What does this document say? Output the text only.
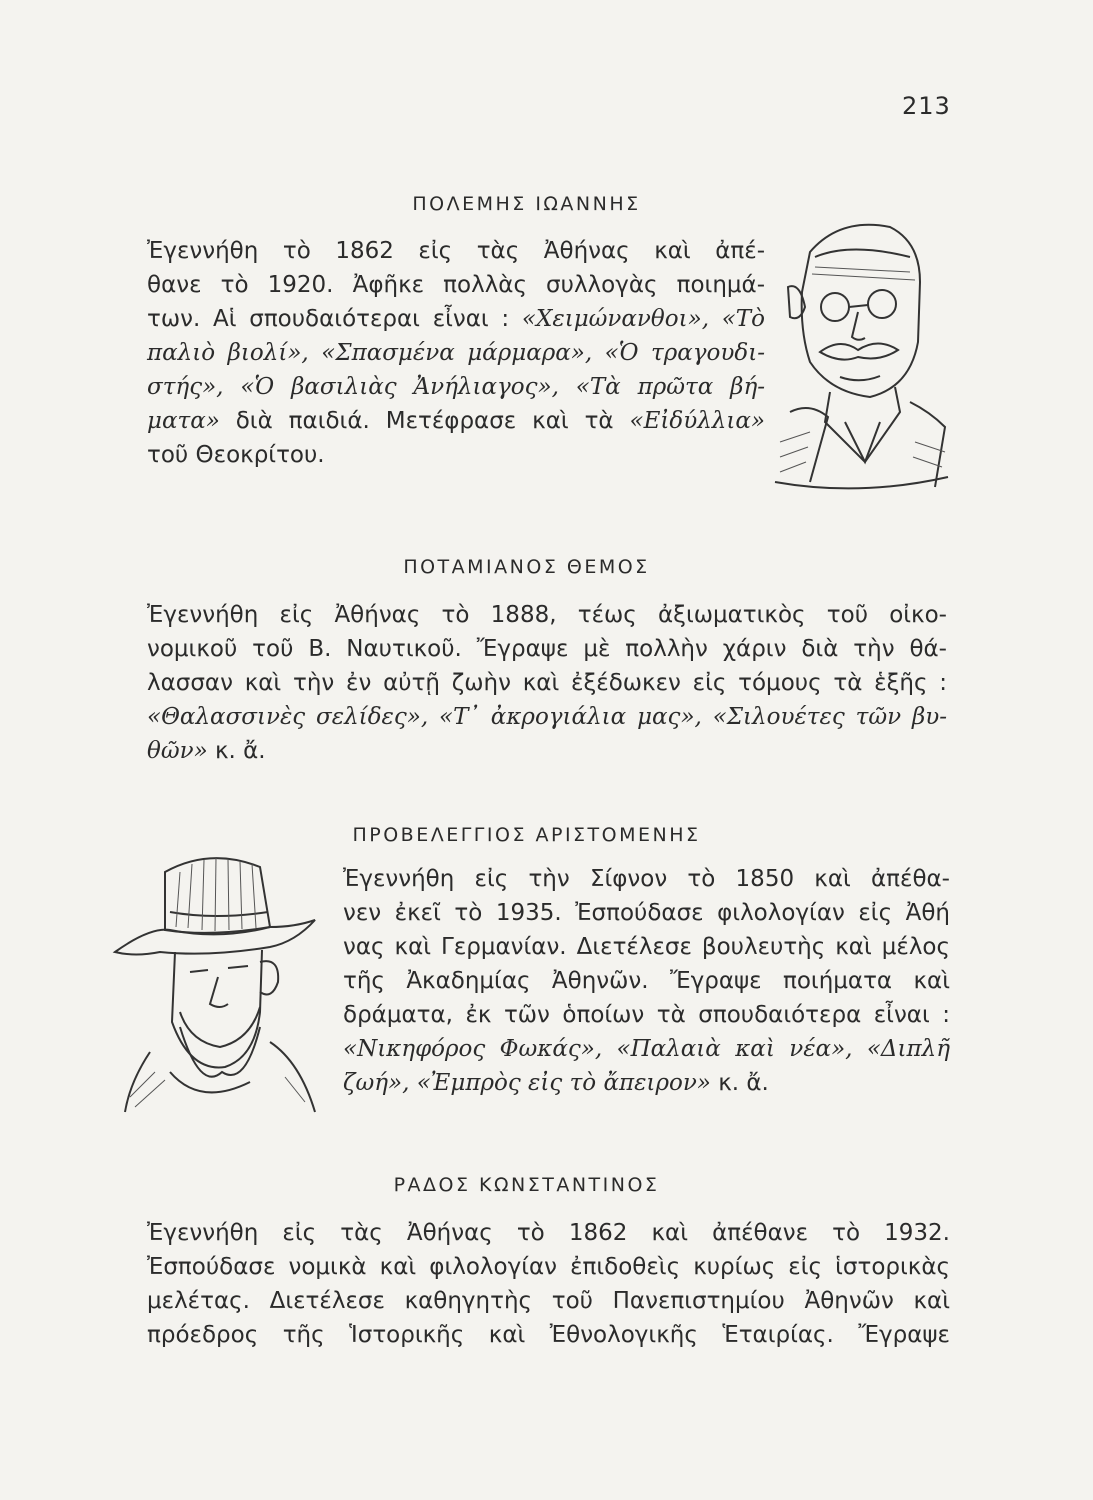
213
ΠΟΛΕΜΗΣ ΙΩΑΝΝΗΣ
Ἐγεννήθη τὸ 1862 εἰς τὰς Ἀθήνας καὶ ἀπέ-
θανε τὸ 1920. Ἀφῆκε πολλὰς συλλογὰς ποιημά-
των. Αἱ σπουδαιότεραι εἶναι : «Χειμώνανθοι», «Τὸ
παλιὸ βιολί», «Σπασμένα μάρμαρα», «Ὁ τραγουδι-
στής», «Ὁ βασιλιὰς Ἀνήλιαγος», «Τὰ πρῶτα βή-
ματα» διὰ παιδιά. Μετέφρασε καὶ τὰ «Εἰδύλλια»
τοῦ Θεοκρίτου.
ΠΟΤΑΜΙΑΝΟΣ ΘΕΜΟΣ
Ἐγεννήθη εἰς Ἀθήνας τὸ 1888, τέως ἀξιωματικὸς τοῦ οἰκο-
νομικοῦ τοῦ Β. Ναυτικοῦ. Ἔγραψε μὲ πολλὴν χάριν διὰ τὴν θά-
λασσαν καὶ τὴν ἐν αὐτῇ ζωὴν καὶ ἐξέδωκεν εἰς τόμους τὰ ἑξῆς :
«Θαλασσινὲς σελίδες», «Τ᾽ ἀκρογιάλια μας», «Σιλουέτες τῶν βυ-
θῶν» κ. ἄ.
ΠΡΟΒΕΛΕΓΓΙΟΣ ΑΡΙΣΤΟΜΕΝΗΣ
Ἐγεννήθη εἰς τὴν Σίφνον τὸ 1850 καὶ ἀπέθα-
νεν ἐκεῖ τὸ 1935. Ἐσπούδασε φιλολογίαν εἰς Ἀθή
νας καὶ Γερμανίαν. Διετέλεσε βουλευτὴς καὶ μέλος
τῆς Ἀκαδημίας Ἀθηνῶν. Ἔγραψε ποιήματα καὶ
δράματα, ἐκ τῶν ὁποίων τὰ σπουδαιότερα εἶναι :
«Νικηφόρος Φωκάς», «Παλαιὰ καὶ νέα», «Διπλῆ
ζωή», «Ἐμπρὸς εἰς τὸ ἄπειρον» κ. ἄ.
ΡΑΔΟΣ ΚΩΝΣΤΑΝΤΙΝΟΣ
Ἐγεννήθη εἰς τὰς Ἀθήνας τὸ 1862 καὶ ἀπέθανε τὸ 1932.
Ἐσπούδασε νομικὰ καὶ φιλολογίαν ἐπιδοθεὶς κυρίως εἰς ἱστορικὰς
μελέτας. Διετέλεσε καθηγητὴς τοῦ Πανεπιστημίου Ἀθηνῶν καὶ
πρόεδρος τῆς Ἱστορικῆς καὶ Ἐθνολογικῆς Ἑταιρίας. Ἔγραψε
